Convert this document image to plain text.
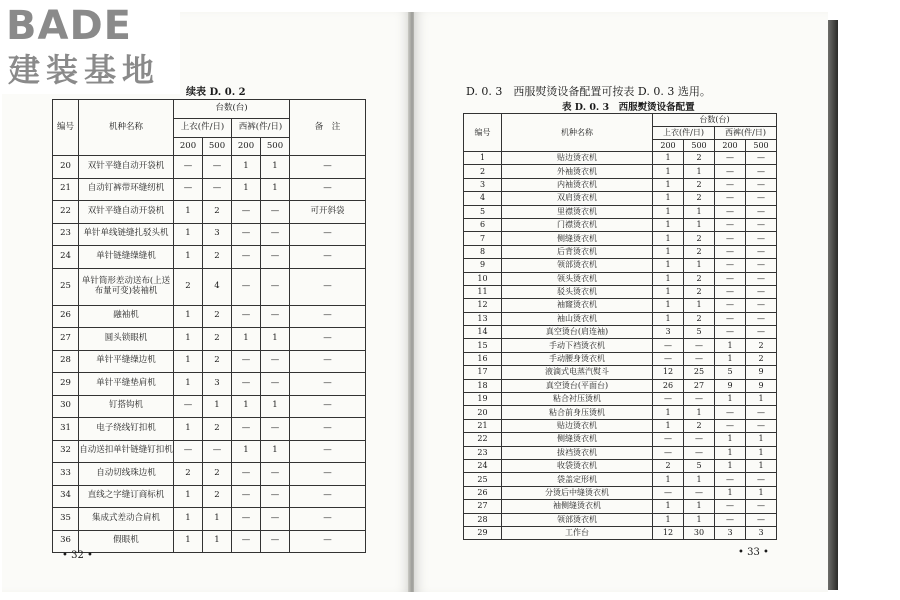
BADE
建装基地
续表 D. 0. 2
编号	机种名称	台数(台)				备　注
		上衣(件/日)		西裤(件/日)		
		200	500	200	500	
20	双针平缝自动开袋机	—	—	1	1	—
21	自动钉裤带环缝纫机	—	—	1	1	—
22	双针平缝自动开袋机	1	2	—	—	可开斜袋
23	单针单线链缝扎驳头机	1	3	—	—	—
24	单针链缝缲缝机	1	2	—	—	—
25	单针筒形差动送布(上送布量可变)装袖机	2	4	—	—	—
26	融袖机	1	2	—	—	—
27	圆头锁眼机	1	2	1	1	—
28	单针平缝缲边机	1	2	—	—	—
29	单针平缝垫肩机	1	3	—	—	—
30	钉搭钩机	—	1	1	1	—
31	电子绕线钉扣机	1	2	—	—	—
32	自动送扣单针链缝钉扣机	—	—	1	1	—
33	自动切线珠边机	2	2	—	—	—
34	直线之字缝订商标机	1	2	—	—	—
35	集成式差动合肩机	1	1	—	—	—
36	假眼机	1	1	—	—	—
• 32 •
D. 0. 3　西服熨烫设备配置可按表 D. 0. 3 选用。
表 D. 0. 3　西服熨烫设备配置
编号	机种名称	台数(台)			
		上衣(件/日)		西裤(件/日)	
		200	500	200	500
1	贴边烫衣机	1	2	—	—
2	外袖烫衣机	1	1	—	—
3	内袖烫衣机	1	2	—	—
4	双肩烫衣机	1	2	—	—
5	里襟烫衣机	1	1	—	—
6	门襟烫衣机	1	1	—	—
7	侧缝烫衣机	1	2	—	—
8	后背烫衣机	1	2	—	—
9	领部烫衣机	1	1	—	—
10	领头烫衣机	1	2	—	—
11	驳头烫衣机	1	2	—	—
12	袖窿烫衣机	1	1	—	—
13	袖山烫衣机	1	2	—	—
14	真空烫台(肩连袖)	3	5	—	—
15	手动下裆烫衣机	—	—	1	2
16	手动腰身烫衣机	—	—	1	2
17	液滴式电蒸汽熨斗	12	25	5	9
18	真空烫台(平面台)	26	27	9	9
19	粘合衬压烫机	—	—	1	1
20	粘合前身压烫机	1	1	—	—
21	贴边烫衣机	1	2	—	—
22	侧缝烫衣机	—	—	1	1
23	拔裆烫衣机	—	—	1	1
24	收袋烫衣机	2	5	1	1
25	袋盖定形机	1	1	—	—
26	分烫后中缝烫衣机	—	—	1	1
27	袖侧缝烫衣机	1	1	—	—
28	领部烫衣机	1	1	—	—
29	工作台	12	30	3	3
• 33 •
